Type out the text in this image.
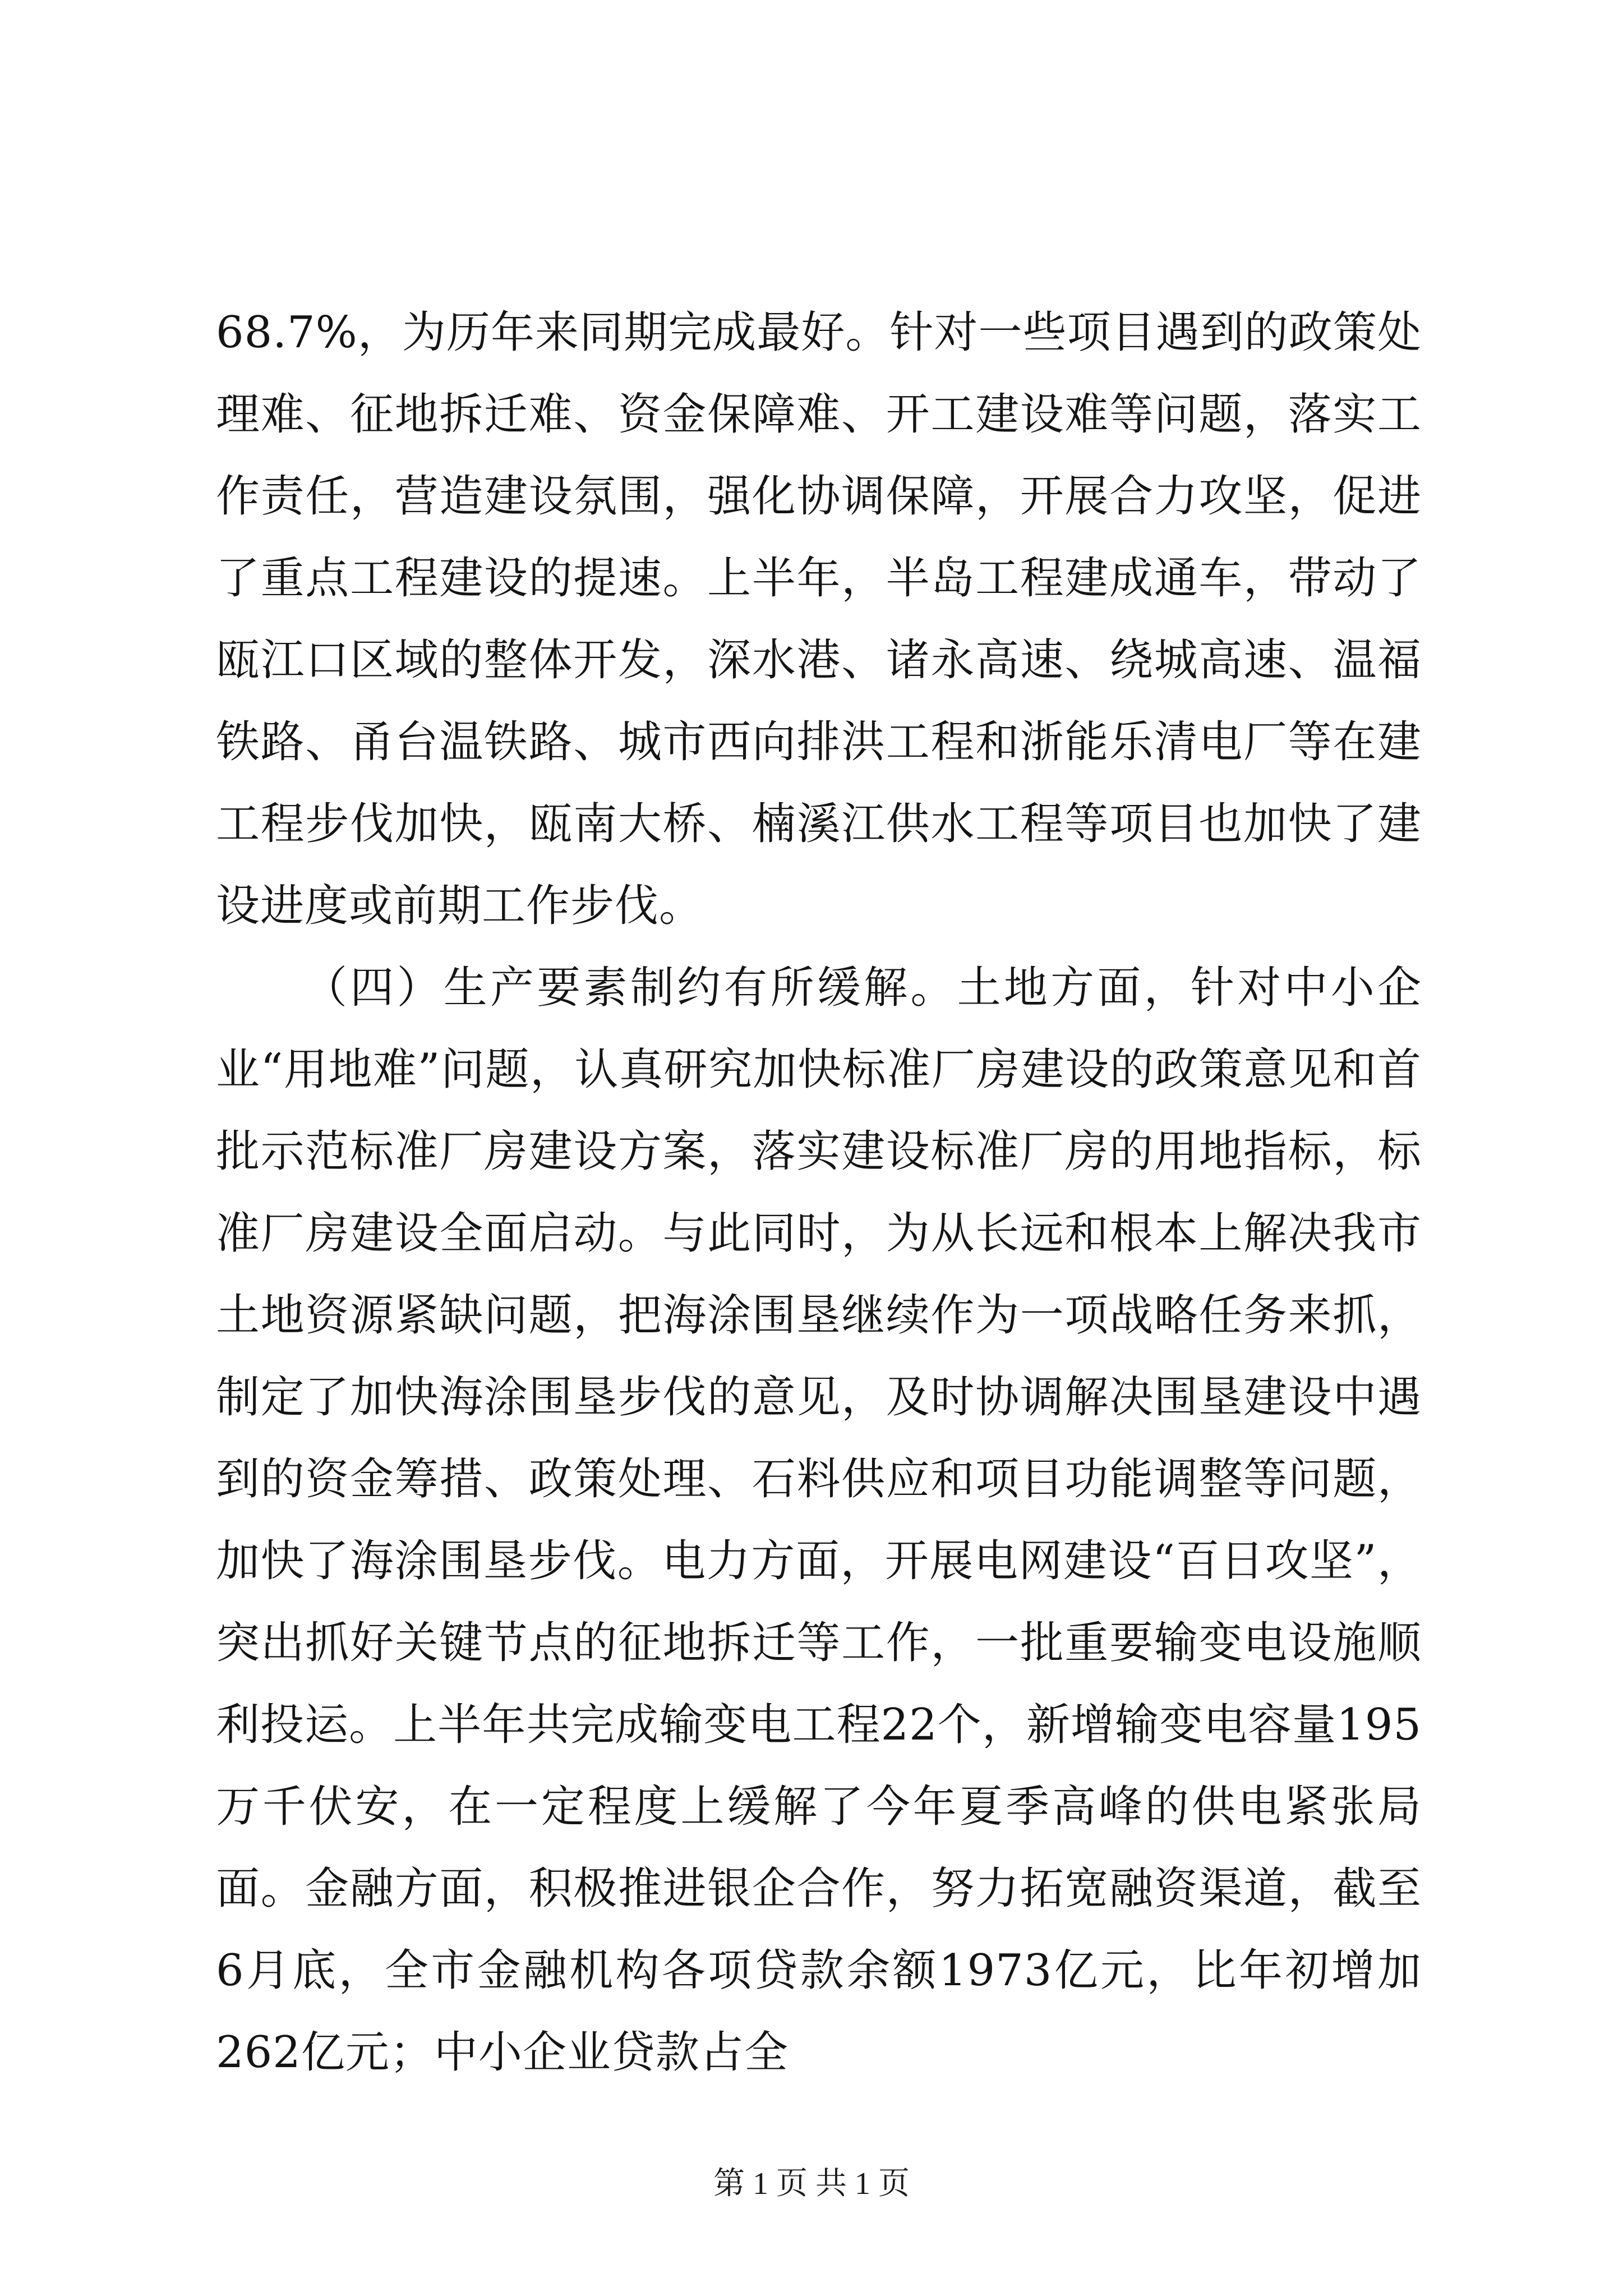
68.7%，为历年来同期完成最好。针对一些项目遇到的政策处理难、征地拆迁难、资金保障难、开工建设难等问题，落实工作责任，营造建设氛围，强化协调保障，开展合力攻坚，促进了重点工程建设的提速。上半年，半岛工程建成通车，带动了瓯江口区域的整体开发，深水港、诸永高速、绕城高速、温福铁路、甬台温铁路、城市西向排洪工程和浙能乐清电厂等在建工程步伐加快，瓯南大桥、楠溪江供水工程等项目也加快了建设进度或前期工作步伐。

（四）生产要素制约有所缓解。土地方面，针对中小企业“用地难”问题，认真研究加快标准厂房建设的政策意见和首批示范标准厂房建设方案，落实建设标准厂房的用地指标，标准厂房建设全面启动。与此同时，为从长远和根本上解决我市土地资源紧缺问题，把海涂围垦继续作为一项战略任务来抓，制定了加快海涂围垦步伐的意见，及时协调解决围垦建设中遇到的资金筹措、政策处理、石料供应和项目功能调整等问题，加快了海涂围垦步伐。电力方面，开展电网建设“百日攻坚”，突出抓好关键节点的征地拆迁等工作，一批重要输变电设施顺利投运。上半年共完成输变电工程22个，新增输变电容量195万千伏安，在一定程度上缓解了今年夏季高峰的供电紧张局面。金融方面，积极推进银企合作，努力拓宽融资渠道，截至6月底，全市金融机构各项贷款余额1973亿元，比年初增加262亿元；中小企业贷款占全

第 1 页 共 1 页
